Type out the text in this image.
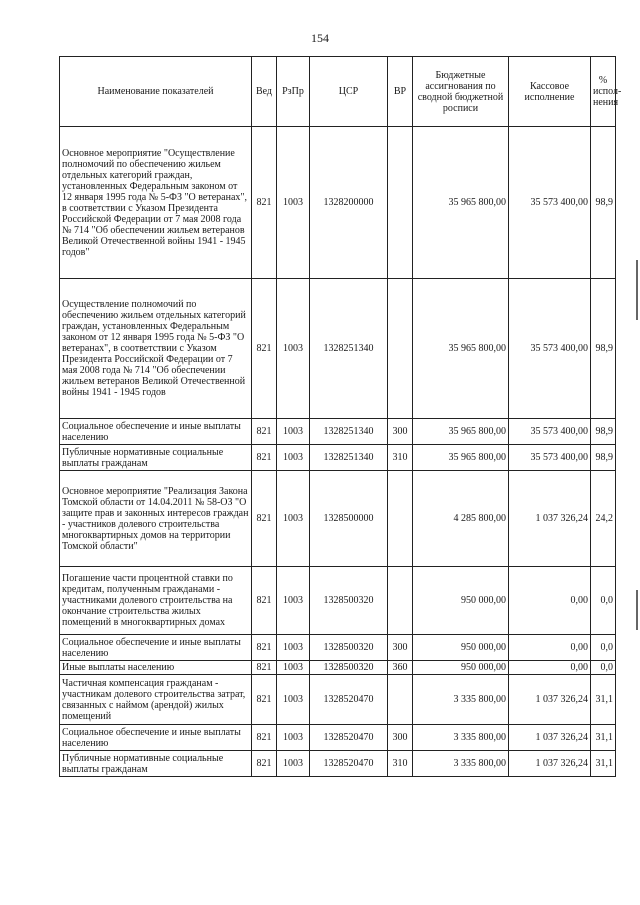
154
Наименование показателей	Вед	РзПр	ЦСР	ВР	Бюджетные ассигнования по сводной бюджетной росписи	Кассовое исполнение	% испол-нения
Основное мероприятие "Осуществление полномочий по обеспечению жильем отдельных категорий граждан, установленных Федеральным законом от 12 января 1995 года № 5-ФЗ "О ветеранах", в соответствии с Указом Президента Российской Федерации от 7 мая 2008 года № 714 "Об обеспечении жильем ветеранов Великой Отечественной войны 1941 - 1945 годов"	821	1003	1328200000		35 965 800,00	35 573 400,00	98,9
Осуществление полномочий по обеспечению жильем отдельных категорий граждан, установленных Федеральным законом от 12 января 1995 года № 5-ФЗ "О ветеранах", в соответствии с Указом Президента Российской Федерации от 7 мая 2008 года № 714 "Об обеспечении жильем ветеранов Великой Отечественной войны 1941 - 1945 годов	821	1003	1328251340		35 965 800,00	35 573 400,00	98,9
Социальное обеспечение и иные выплаты населению	821	1003	1328251340	300	35 965 800,00	35 573 400,00	98,9
Публичные нормативные социальные выплаты гражданам	821	1003	1328251340	310	35 965 800,00	35 573 400,00	98,9
Основное мероприятие "Реализация Закона Томской области от 14.04.2011 № 58-ОЗ "О защите прав и законных интересов граждан - участников долевого строительства многоквартирных домов на территории Томской области"	821	1003	1328500000		4 285 800,00	1 037 326,24	24,2
Погашение части процентной ставки по кредитам, полученным гражданами - участниками долевого строительства на окончание строительства жилых помещений в многоквартирных домах	821	1003	1328500320		950 000,00	0,00	0,0
Социальное обеспечение и иные выплаты населению	821	1003	1328500320	300	950 000,00	0,00	0,0
Иные выплаты населению	821	1003	1328500320	360	950 000,00	0,00	0,0
Частичная компенсация гражданам - участникам долевого строительства затрат, связанных с наймом (арендой) жилых помещений	821	1003	1328520470		3 335 800,00	1 037 326,24	31,1
Социальное обеспечение и иные выплаты населению	821	1003	1328520470	300	3 335 800,00	1 037 326,24	31,1
Публичные нормативные социальные выплаты гражданам	821	1003	1328520470	310	3 335 800,00	1 037 326,24	31,1
